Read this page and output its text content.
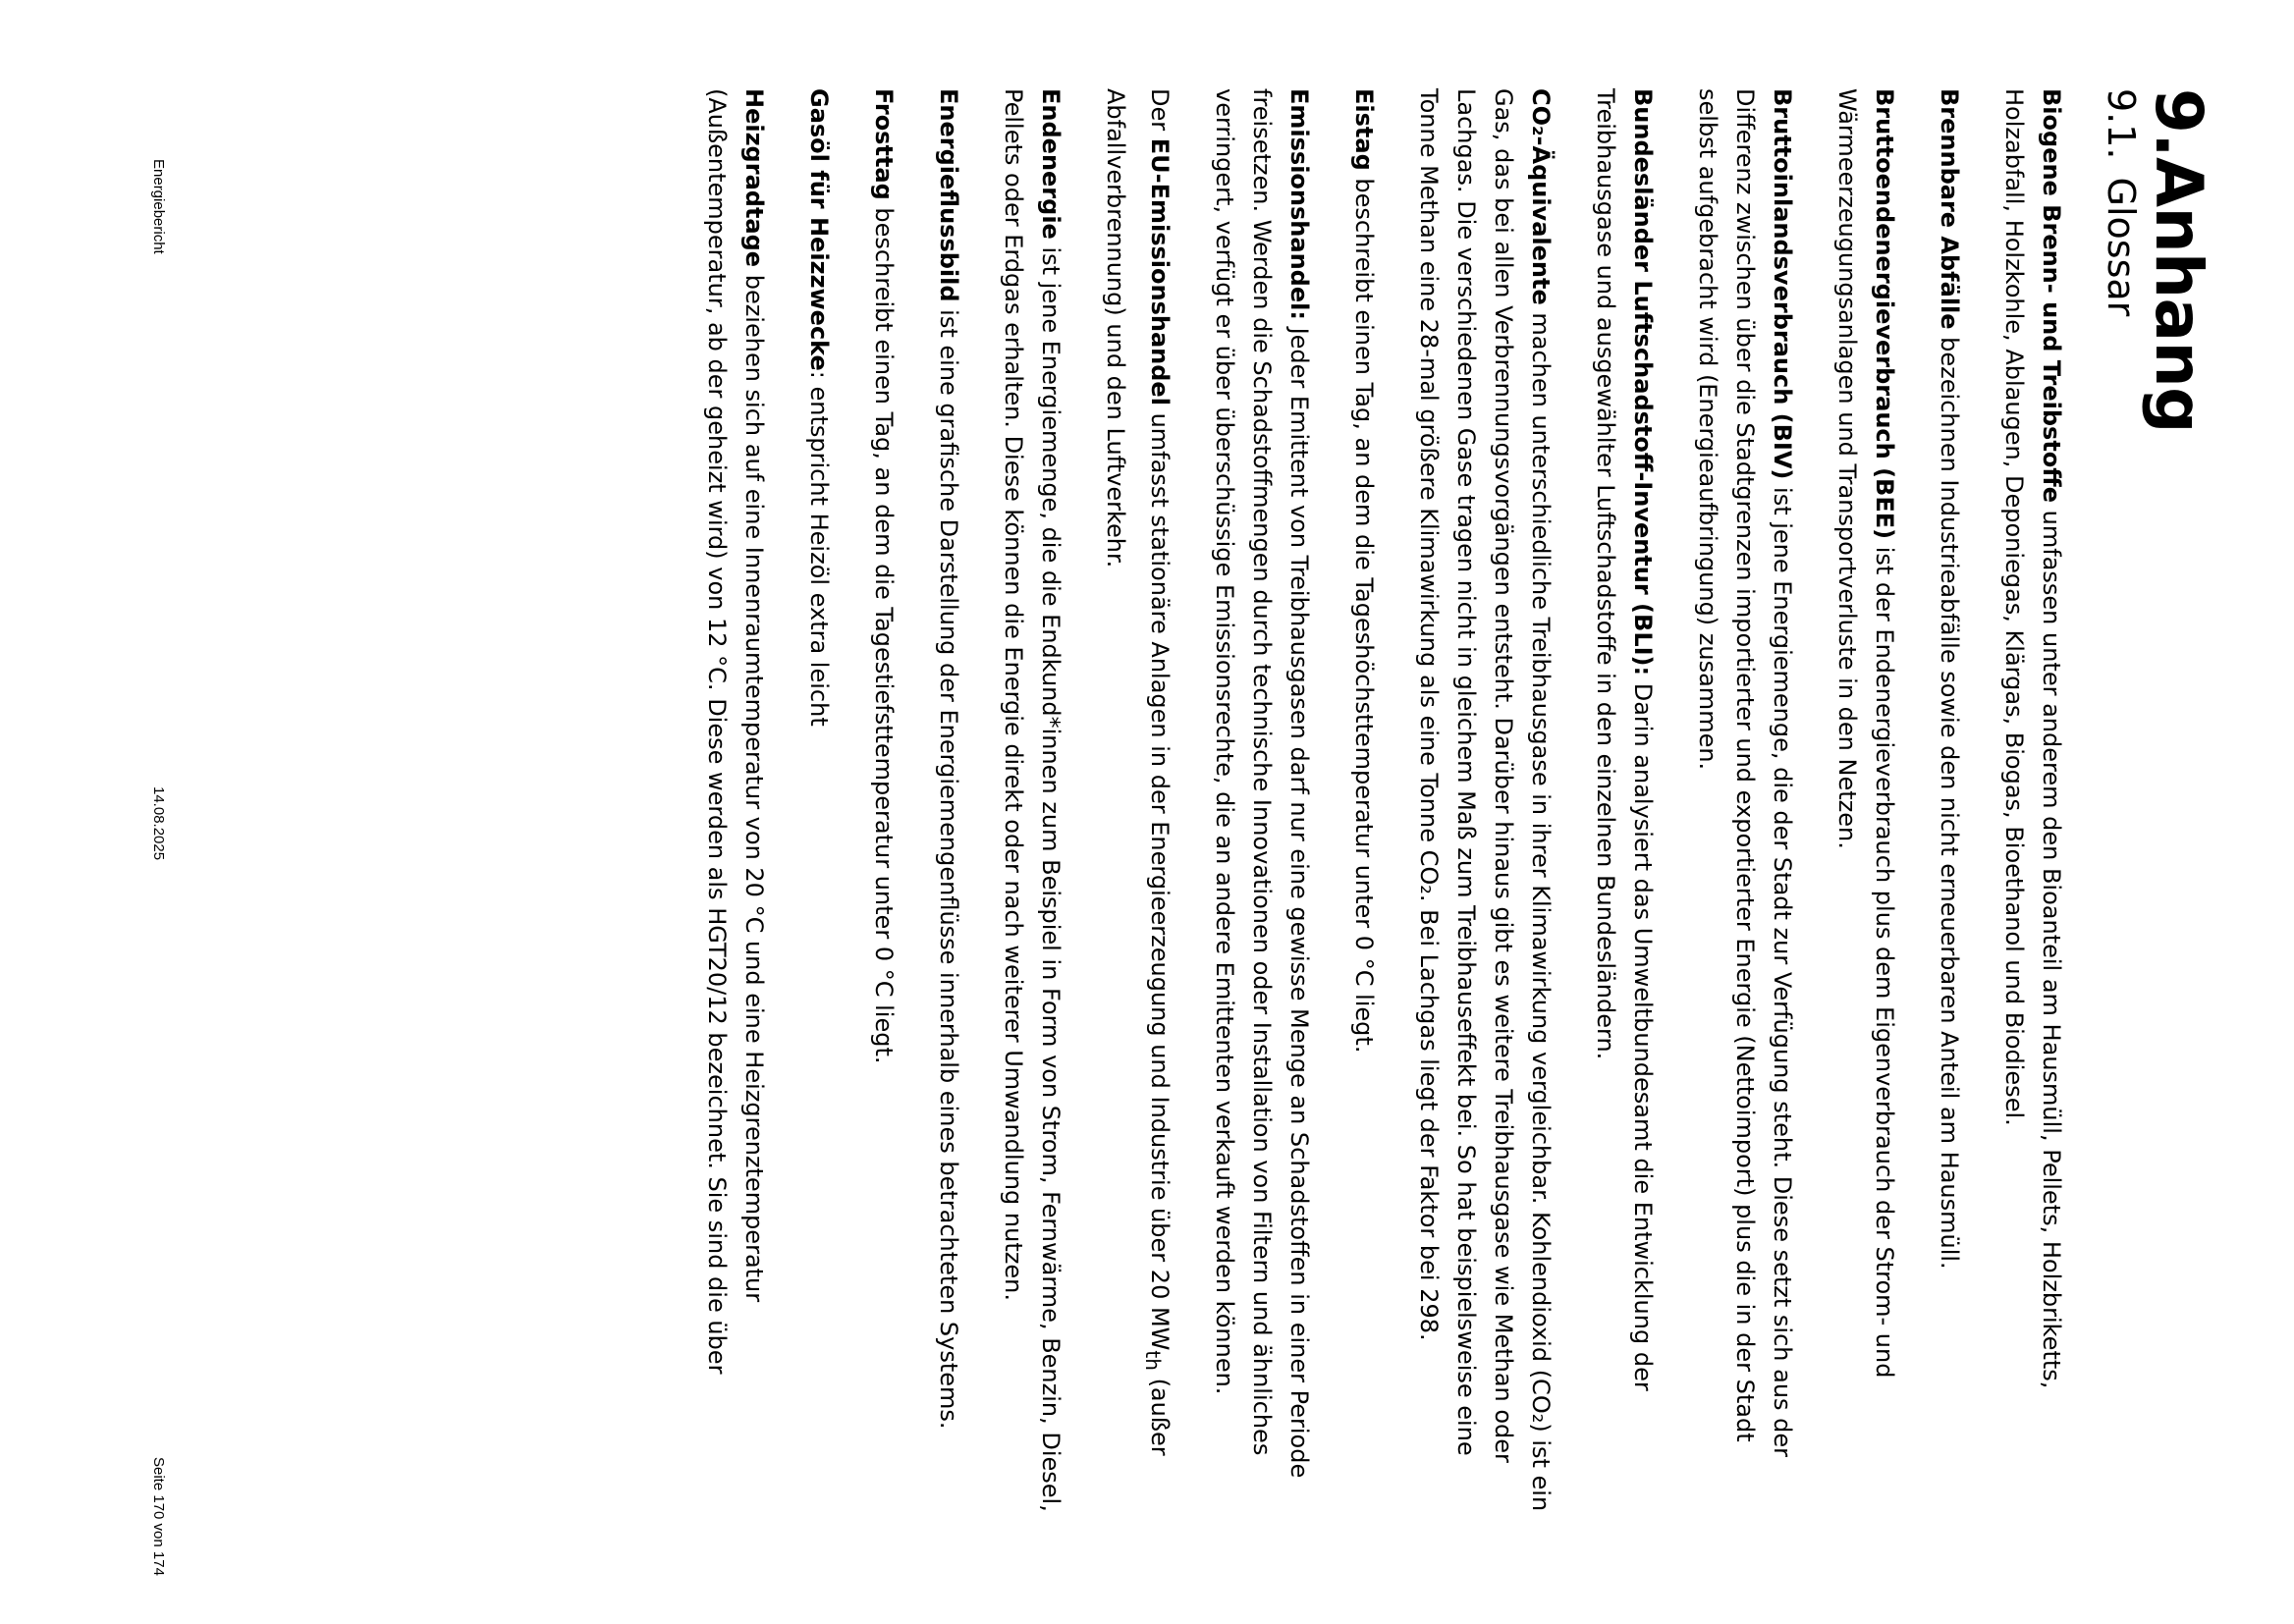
9.Anhang
9.1.Glossar

Biogene Brenn- und Treibstoffe umfassen unter anderem den Bioanteil am Hausmüll, Pellets, Holzbriketts, Holzabfall, Holzkohle, Ablaugen, Deponiegas, Klärgas, Biogas, Bioethanol und Biodiesel.

Brennbare Abfälle bezeichnen Industrieabfälle sowie den nicht erneuerbaren Anteil am Hausmüll.

Bruttoendenergieverbrauch (BEE) ist der Endenergieverbrauch plus dem Eigenverbrauch der Strom- und Wärmeerzeugungsanlagen und Transportverluste in den Netzen.

Bruttoinlandsverbrauch (BIV) ist jene Energiemenge, die der Stadt zur Verfügung steht. Diese setzt sich aus der Differenz zwischen über die Stadtgrenzen importierter und exportierter Energie (Nettoimport) plus die in der Stadt selbst aufgebracht wird (Energieaufbringung) zusammen.

Bundesländer Luftschadstoff-Inventur (BLI): Darin analysiert das Umweltbundesamt die Entwicklung der Treibhausgase und ausgewählter Luftschadstoffe in den einzelnen Bundesländern.

CO₂-Äquivalente machen unterschiedliche Treibhausgase in ihrer Klimawirkung vergleichbar. Kohlendioxid (CO₂) ist ein Gas, das bei allen Verbrennungsvorgängen entsteht. Darüber hinaus gibt es weitere Treibhausgase wie Methan oder Lachgas. Die verschiedenen Gase tragen nicht in gleichem Maß zum Treibhauseffekt bei. So hat beispielsweise eine Tonne Methan eine 28-mal größere Klimawirkung als eine Tonne CO₂. Bei Lachgas liegt der Faktor bei 298.

Eistag beschreibt einen Tag, an dem die Tageshöchsttemperatur unter 0 °C liegt.

Emissionshandel: Jeder Emittent von Treibhausgasen darf nur eine gewisse Menge an Schadstoffen in einer Periode freisetzen. Werden die Schadstoffmengen durch technische Innovationen oder Installation von Filtern und ähnliches verringert, verfügt er über überschüssige Emissionsrechte, die an andere Emittenten verkauft werden können.

Der EU-Emissionshandel umfasst stationäre Anlagen in der Energieerzeugung und Industrie über 20 $MW_{th}$ (außer Abfallverbrennung) und den Luftverkehr.

Endenergie ist jene Energiemenge, die die Endkund*innen zum Beispiel in Form von Strom, Fernwärme, Benzin, Diesel, Pellets oder Erdgas erhalten. Diese können die Energie direkt oder nach weiterer Umwandlung nutzen.

Energieflussbild ist eine grafische Darstellung der Energiemengenflüsse innerhalb eines betrachteten Systems.

Frosttag beschreibt einen Tag, an dem die Tagestiefsttemperatur unter 0 °C liegt.

Gasöl für Heizzwecke: entspricht Heizöl extra leicht

Heizgradtage beziehen sich auf eine Innenraumtemperatur von 20 °C und eine Heizgrenztemperatur (Außentemperatur, ab der geheizt wird) von 12 °C. Diese werden als HGT20/12 bezeichnet. Sie sind die über

Energiebericht
14.08.2025
Seite 170 von 174
